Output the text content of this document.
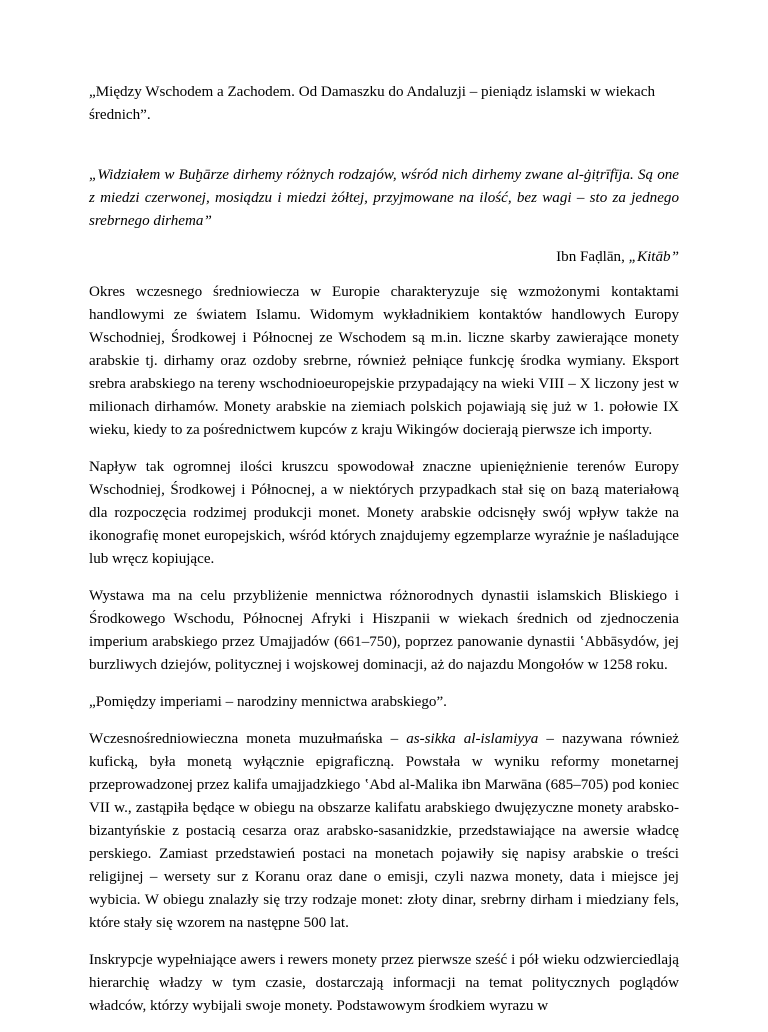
„Między Wschodem a Zachodem. Od Damaszku do Andaluzji – pieniądz islamski w wiekach średnich”.

„Widziałem w Buḫārze dirhemy różnych rodzajów, wśród nich dirhemy zwane al-ġiṭrīfīja. Są one z miedzi czerwonej, mosiądzu i miedzi żółtej, przyjmowane na ilość, bez wagi – sto za jednego srebrnego dirhema”

Ibn Faḍlān, „Kitāb”

Okres wczesnego średniowiecza w Europie charakteryzuje się wzmożonymi kontaktami handlowymi ze światem Islamu. Widomym wykładnikiem kontaktów handlowych Europy Wschodniej, Środkowej i Północnej ze Wschodem są m.in. liczne skarby zawierające monety arabskie tj. dirhamy oraz ozdoby srebrne, również pełniące funkcję środka wymiany. Eksport srebra arabskiego na tereny wschodnioeuropejskie przypadający na wieki VIII – X liczony jest w milionach dirhamów. Monety arabskie na ziemiach polskich pojawiają się już w 1. połowie IX wieku, kiedy to za pośrednictwem kupców z kraju Wikingów docierają pierwsze ich importy.

Napływ tak ogromnej ilości kruszcu spowodował znaczne upieniężnienie terenów Europy Wschodniej, Środkowej i Północnej, a w niektórych przypadkach stał się on bazą materiałową dla rozpoczęcia rodzimej produkcji monet. Monety arabskie odcisnęły swój wpływ także na ikonografię monet europejskich, wśród których znajdujemy egzemplarze wyraźnie je naśladujące lub wręcz kopiujące.

Wystawa ma na celu przybliżenie mennictwa różnorodnych dynastii islamskich Bliskiego i Środkowego Wschodu, Północnej Afryki i Hiszpanii w wiekach średnich od zjednoczenia imperium arabskiego przez Umajjadów (661–750), poprzez panowanie dynastii ʽAbbāsydów, jej burzliwych dziejów, politycznej i wojskowej dominacji, aż do najazdu Mongołów w 1258 roku.

„Pomiędzy imperiami – narodziny mennictwa arabskiego”.

Wczesnośredniowieczna moneta muzułmańska – as-sikka al-islamiyya – nazywana również kuficką, była monetą wyłącznie epigraficzną. Powstała w wyniku reformy monetarnej przeprowadzonej przez kalifa umajjadzkiego ʽAbd al-Malika ibn Marwāna (685–705) pod koniec VII w., zastąpiła będące w obiegu na obszarze kalifatu arabskiego dwujęzyczne monety arabsko-bizantyńskie z postacią cesarza oraz arabsko-sasanidzkie, przedstawiające na awersie władcę perskiego. Zamiast przedstawień postaci na monetach pojawiły się napisy arabskie o treści religijnej – wersety sur z Koranu oraz dane o emisji, czyli nazwa monety, data i miejsce jej wybicia. W obiegu znalazły się trzy rodzaje monet: złoty dinar, srebrny dirham i miedziany fels, które stały się wzorem na następne 500 lat.

Inskrypcje wypełniające awers i rewers monety przez pierwsze sześć i pół wieku odzwierciedlają hierarchię władzy w tym czasie, dostarczają informacji na temat politycznych poglądów władców, którzy wybijali swoje monety. Podstawowym środkiem wyrazu w
